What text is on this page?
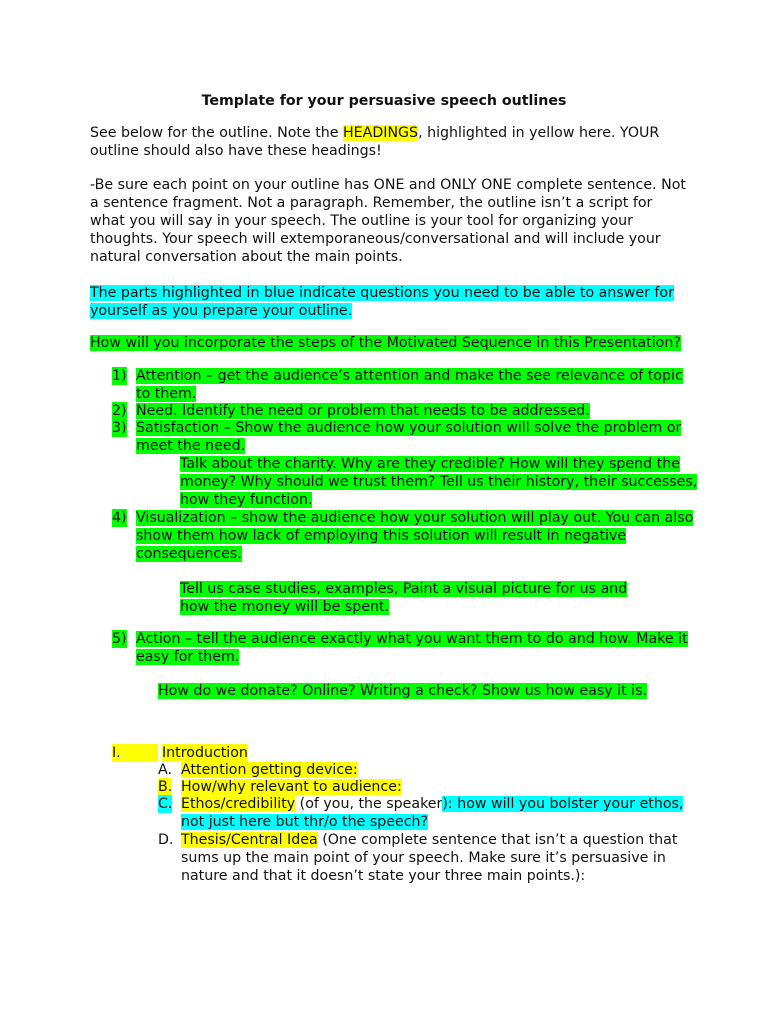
Template for your persuasive speech outlines
See below for the outline. Note the HEADINGS, highlighted in yellow here. YOUR outline should also have these headings!
-Be sure each point on your outline has ONE and ONLY ONE complete sentence. Not a sentence fragment. Not a paragraph. Remember, the outline isn’t a script for what you will say in your speech. The outline is your tool for organizing your thoughts. Your speech will extemporaneous/conversational and will include your natural conversation about the main points.
The parts highlighted in blue indicate questions you need to be able to answer for yourself as you prepare your outline.
How will you incorporate the steps of the Motivated Sequence in this Presentation?
1) Attention – get the audience’s attention and make the see relevance of topic to them.
2) Need. Identify the need or problem that needs to be addressed.
3) Satisfaction – Show the audience how your solution will solve the problem or meet the need.
Talk about the charity. Why are they credible? How will they spend the money? Why should we trust them? Tell us their history, their successes, how they function.
4) Visualization – show the audience how your solution will play out. You can also show them how lack of employing this solution will result in negative consequences.
Tell us case studies, examples, Paint a visual picture for us and how the money will be spent.
5) Action – tell the audience exactly what you want them to do and how. Make it easy for them.
How do we donate? Online? Writing a check? Show us how easy it is.
I.	Introduction
A. Attention getting device:
B. How/why relevant to audience:
C. Ethos/credibility (of you, the speaker): how will you bolster your ethos, not just here but thr/o the speech?
D. Thesis/Central Idea (One complete sentence that isn’t a question that sums up the main point of your speech. Make sure it’s persuasive in nature and that it doesn’t state your three main points.):
